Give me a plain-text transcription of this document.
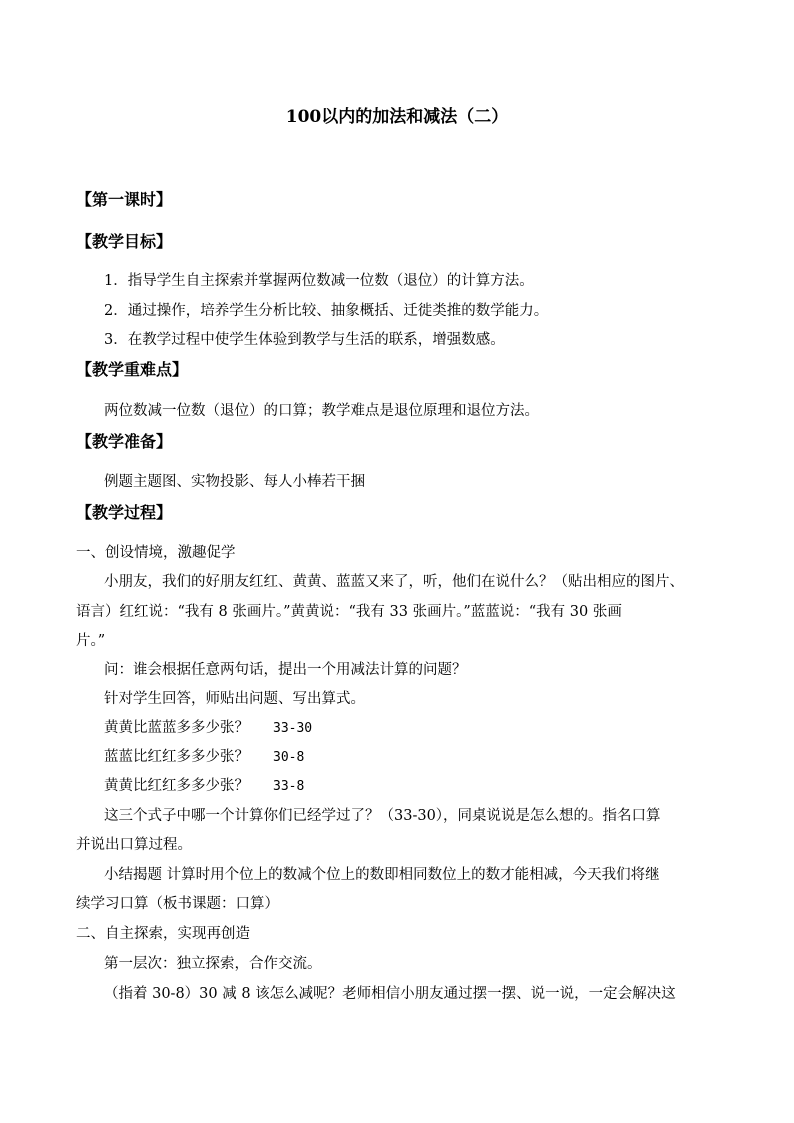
100以内的加法和减法（二）
【第一课时】
【教学目标】
1．指导学生自主探索并掌握两位数减一位数（退位）的计算方法。
2．通过操作，培养学生分析比较、抽象概括、迁徙类推的数学能力。
3．在教学过程中使学生体验到教学与生活的联系，增强数感。
【教学重难点】
两位数减一位数（退位）的口算；教学难点是退位原理和退位方法。
【教学准备】
例题主题图、实物投影、每人小棒若干捆
【教学过程】
一、创设情境，激趣促学
小朋友，我们的好朋友红红、黄黄、蓝蓝又来了，听，他们在说什么？（贴出相应的图片、
语言）红红说：“我有 8 张画片。”黄黄说：“我有 33 张画片。”蓝蓝说：“我有 30 张画
片。”
问：谁会根据任意两句话，提出一个用减法计算的问题？
针对学生回答，师贴出问题、写出算式。
黄黄比蓝蓝多多少张？ 33-30
蓝蓝比红红多多少张？ 30-8
黄黄比红红多多少张？ 33-8
这三个式子中哪一个计算你们已经学过了？（33-30），同桌说说是怎么想的。指名口算
并说出口算过程。
小结揭题 计算时用个位上的数减个位上的数即相同数位上的数才能相减，今天我们将继
续学习口算（板书课题：口算）
二、自主探索，实现再创造
第一层次：独立探索，合作交流。
（指着 30-8）30 减 8 该怎么减呢？老师相信小朋友通过摆一摆、说一说，一定会解决这
